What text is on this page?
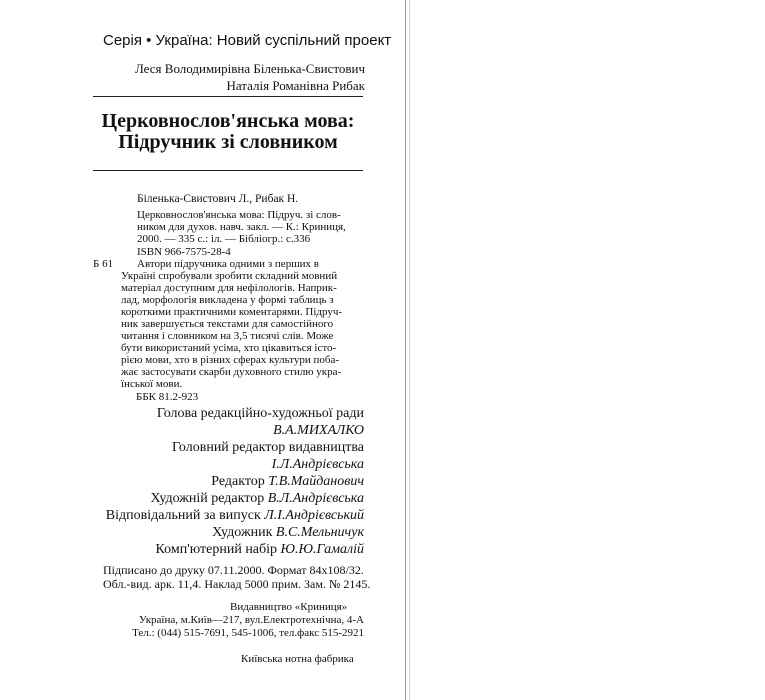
Серія • Україна: Новий суспільний проект
Леся Володимирівна Біленька-Свистович
Наталія Романівна Рибак
Церковнослов'янська мова:
Підручник зі словником
Біленька-Свистович Л., Рибак Н.
Церковнослов'янська мова: Підруч. зі слов-
ником для духов. навч. закл. — К.: Криниця,
2000. — 335 с.: іл. — Бібліогр.: с.336
ISBN 966-7575-28-4
Б 61 Автори підручника одними з перших в
Україні спробували зробити складний мовний
матеріал доступним для нефілологів. Наприк-
лад, морфологія викладена у формі таблиць з
короткими практичними коментарями. Підруч-
ник завершується текстами для самостійного
читання і словником на 3,5 тисячі слів. Може
бути використаний усіма, хто цікавиться істо-
рією мови, хто в різних сферах культури пoба-
жає застосувати скарби духовного стилю укра-
їнської мови.
ББК 81.2-923
Голова редакційно-художньої ради
В.А.МИХАЛКО
Головний редактор видавництва
І.Л.Андрієвська
Редактор Т.В.Майданович
Художній редактор В.Л.Андрієвська
Відповідальний за випуск Л.І.Андрієвський
Художник В.С.Мельничук
Комп'ютерний набір Ю.Ю.Гамалій
Підписано до друку 07.11.2000. Формат 84x108/32.
Обл.-вид. арк. 11,4. Наклад 5000 прим. Зам. № 2145.
Видавництво «Криниця»
Україна, м.Київ—217, вул.Електротехнічна, 4-А
Тел.: (044) 515-7691, 545-1006, тел.факс 515-2921
Київська нотна фабрика
